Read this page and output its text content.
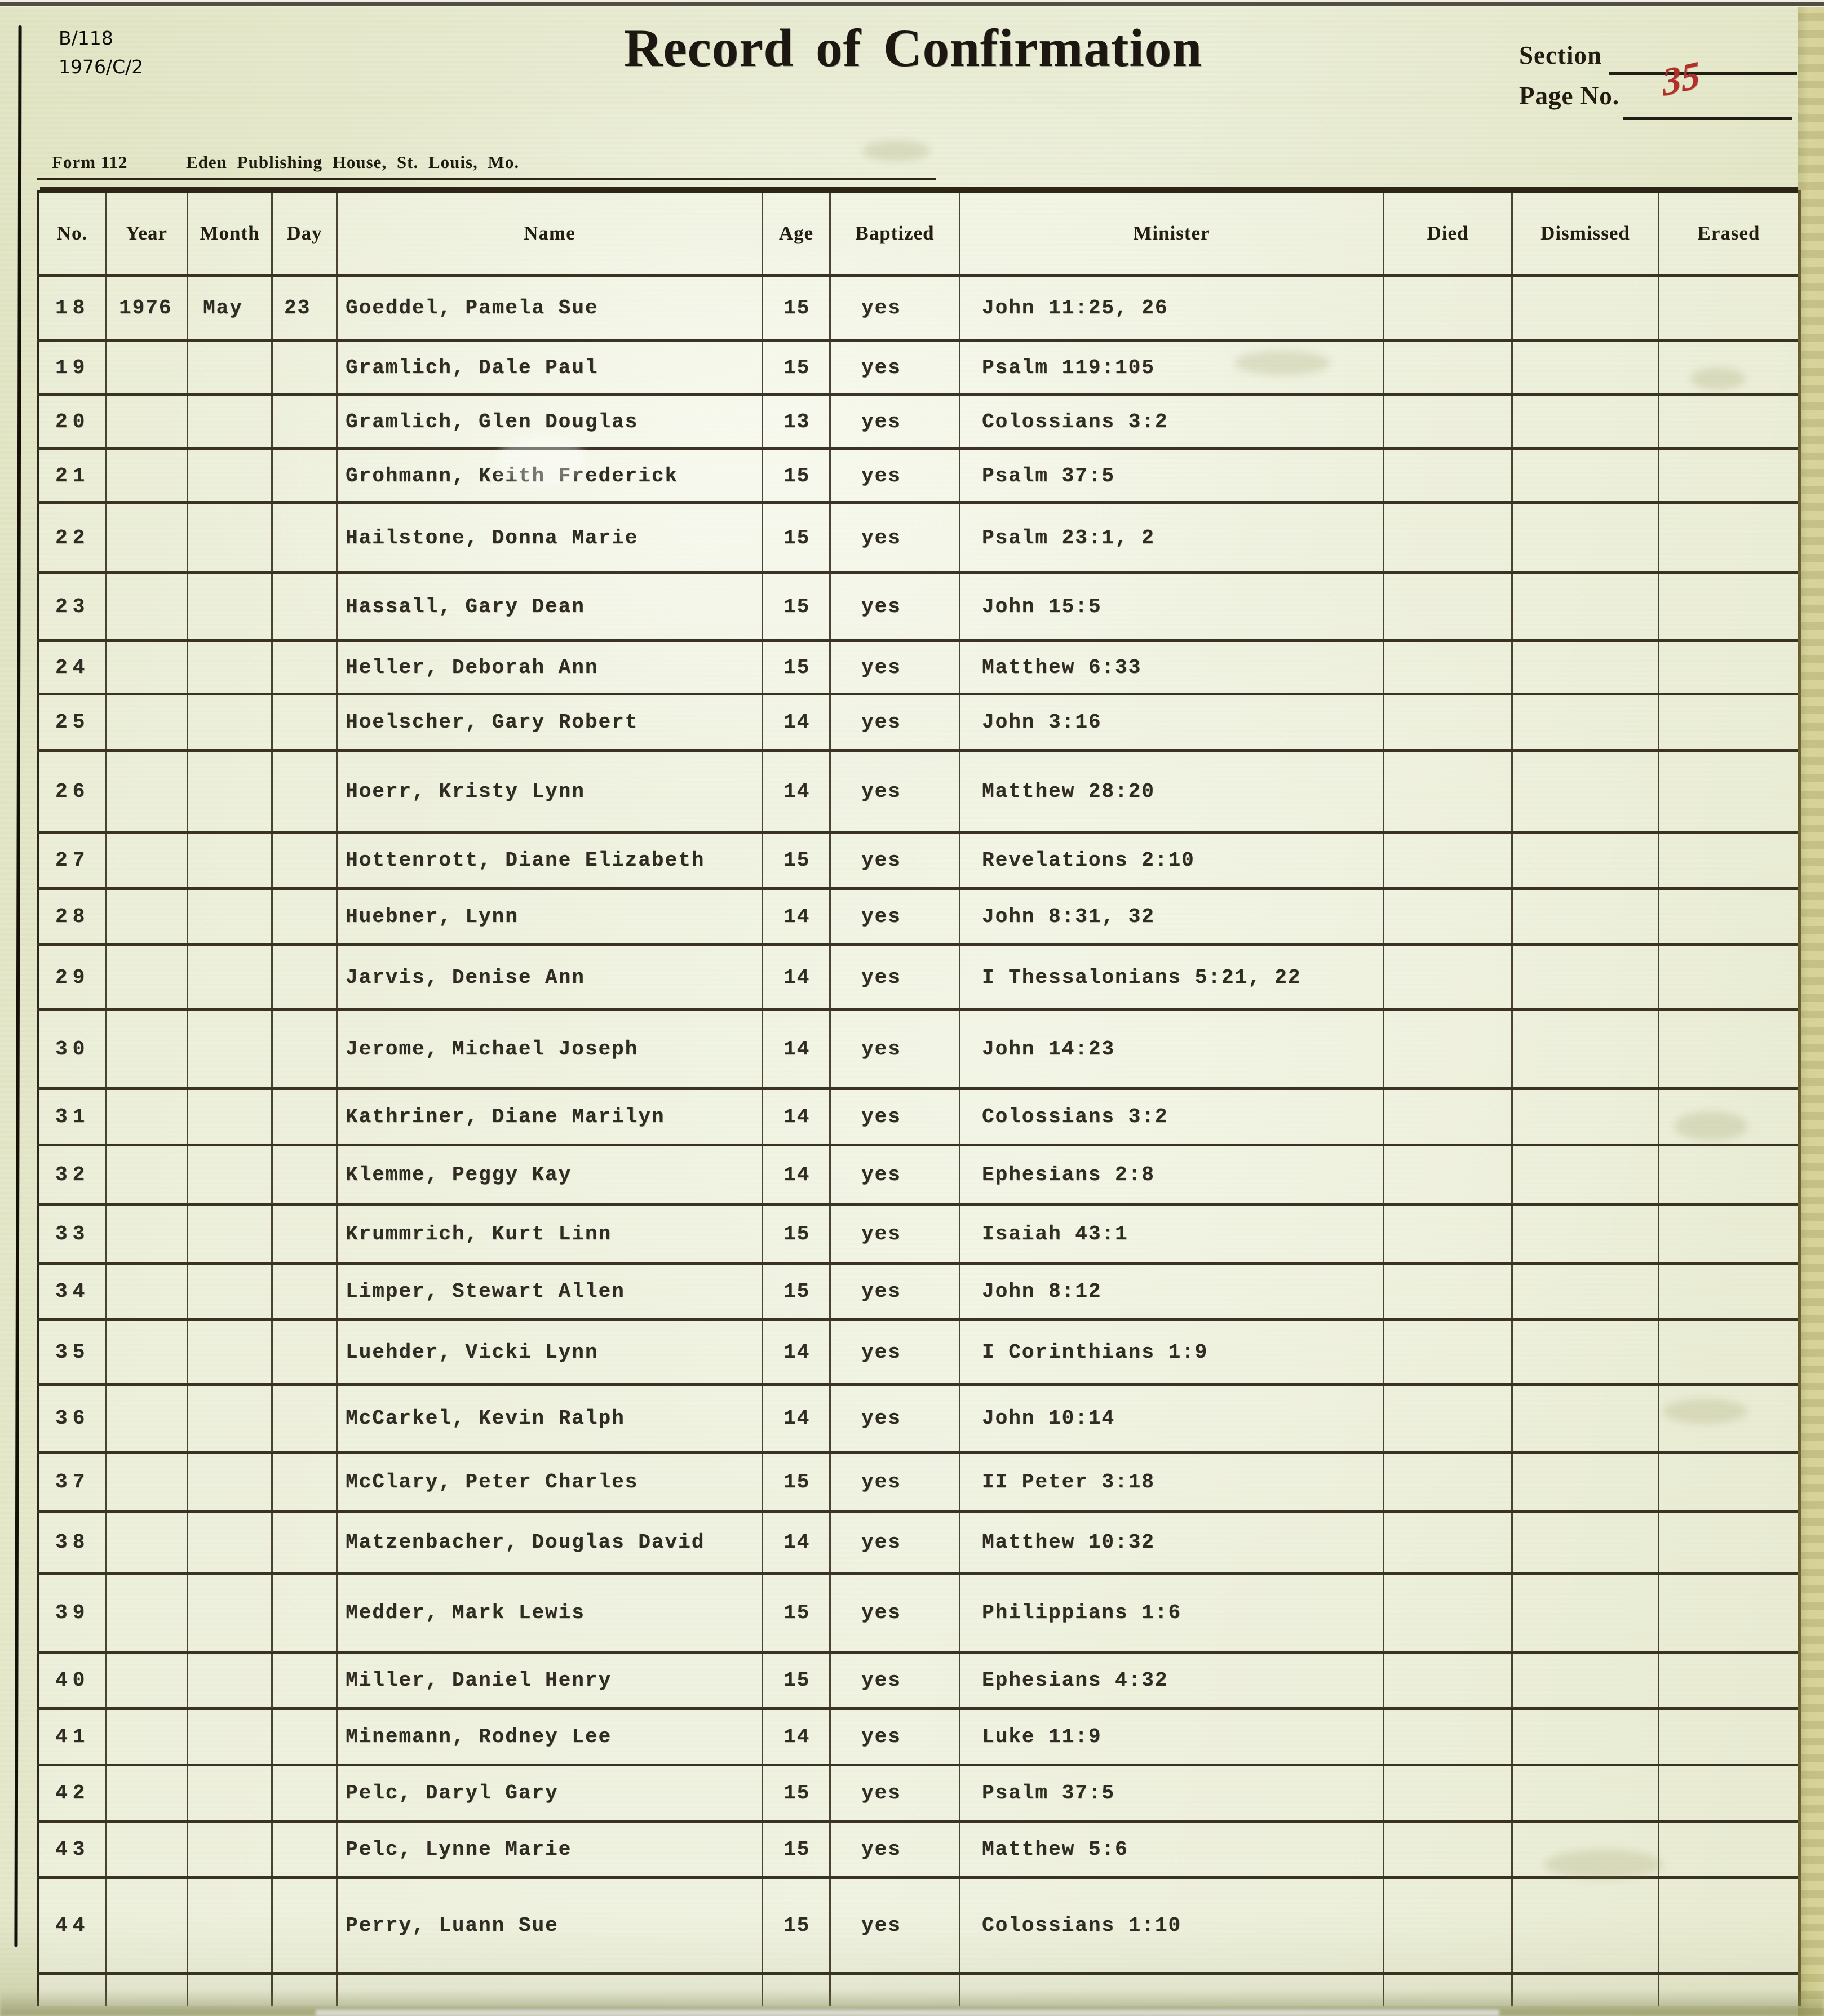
B/118
1976/C/2	Record of Confirmation	Section
Page No. 35
Form 112	Eden Publishing House, St. Louis, Mo.
No.	Year	Month	Day	Name	Age	Baptized	Minister	Died	Dismissed	Erased
18	1976	May	23	Goeddel, Pamela Sue	15	yes	John 11:25, 26			
19				Gramlich, Dale Paul	15	yes	Psalm 119:105			
20				Gramlich, Glen Douglas	13	yes	Colossians 3:2			
21				Grohmann, Keith Frederick	15	yes	Psalm 37:5			
22				Hailstone, Donna Marie	15	yes	Psalm 23:1, 2			
23				Hassall, Gary Dean	15	yes	John 15:5			
24				Heller, Deborah Ann	15	yes	Matthew 6:33			
25				Hoelscher, Gary Robert	14	yes	John 3:16			
26				Hoerr, Kristy Lynn	14	yes	Matthew 28:20			
27				Hottenrott, Diane Elizabeth	15	yes	Revelations 2:10			
28				Huebner, Lynn	14	yes	John 8:31, 32			
29				Jarvis, Denise Ann	14	yes	I Thessalonians 5:21, 22			
30				Jerome, Michael Joseph	14	yes	John 14:23			
31				Kathriner, Diane Marilyn	14	yes	Colossians 3:2			
32				Klemme, Peggy Kay	14	yes	Ephesians 2:8			
33				Krummrich, Kurt Linn	15	yes	Isaiah 43:1			
34				Limper, Stewart Allen	15	yes	John 8:12			
35				Luehder, Vicki Lynn	14	yes	I Corinthians 1:9			
36				McCarkel, Kevin Ralph	14	yes	John 10:14			
37				McClary, Peter Charles	15	yes	II Peter 3:18			
38				Matzenbacher, Douglas David	14	yes	Matthew 10:32			
39				Medder, Mark Lewis	15	yes	Philippians 1:6			
40				Miller, Daniel Henry	15	yes	Ephesians 4:32			
41				Minemann, Rodney Lee	14	yes	Luke 11:9			
42				Pelc, Daryl Gary	15	yes	Psalm 37:5			
43				Pelc, Lynne Marie	15	yes	Matthew 5:6			
44				Perry, Luann Sue	15	yes	Colossians 1:10			
